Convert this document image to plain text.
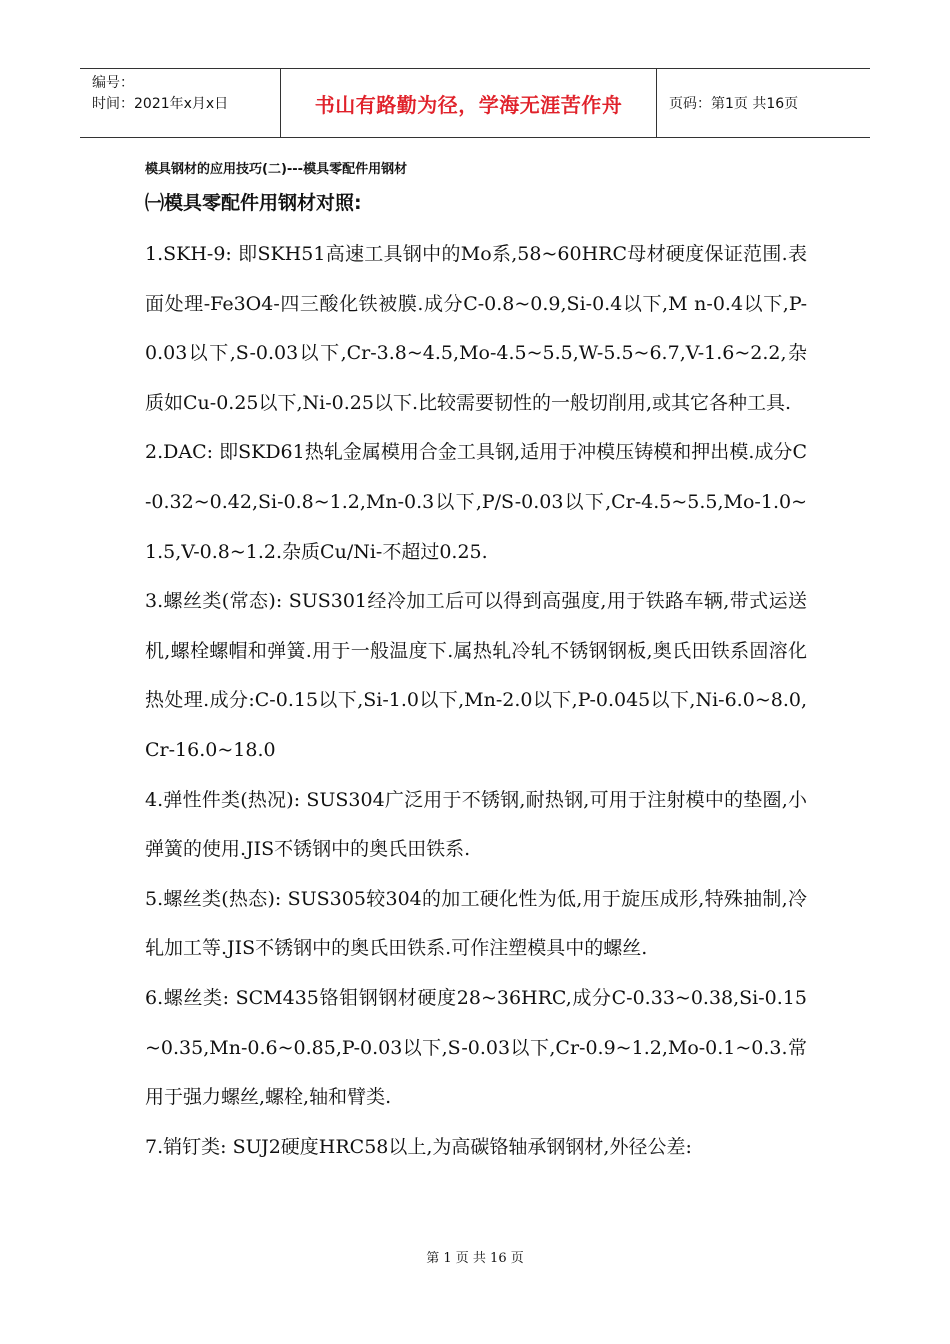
编号：
时间：2021年x月x日	书山有路勤为径，学海无涯苦作舟	页码：第1页 共16页

模具钢材的应用技巧(二)---模具零配件用钢材

㈠模具零配件用钢材对照:

1.SKH-9: 即SKH51高速工具钢中的Mo系,58~60HRC母材硬度保证范围.表面处理-Fe3O4-四三酸化铁被膜.成分C-0.8~0.9,Si-0.4以下,M n-0.4以下,P-0.03以下,S-0.03以下,Cr-3.8~4.5,Mo-4.5~5.5,W-5.5~6.7,V-1.6~2.2,杂质如Cu-0.25以下,Ni-0.25以下.比较需要韧性的一般切削用,或其它各种工具.

2.DAC: 即SKD61热轧金属模用合金工具钢,适用于冲模压铸模和押出模.成分C-0.32~0.42,Si-0.8~1.2,Mn-0.3以下,P/S-0.03以下,Cr-4.5~5.5,Mo-1.0~1.5,V-0.8~1.2.杂质Cu/Ni-不超过0.25.

3.螺丝类(常态): SUS301经冷加工后可以得到高强度,用于铁路车辆,带式运送机,螺栓螺帽和弹簧.用于一般温度下.属热轧冷轧不锈钢钢板,奥氏田铁系固溶化热处理.成分:C-0.15以下,Si-1.0以下,Mn-2.0以下,P-0.045以下,Ni-6.0~8.0,Cr-16.0~18.0

4.弹性件类(热况): SUS304广泛用于不锈钢,耐热钢,可用于注射模中的垫圈,小弹簧的使用.JIS不锈钢中的奥氏田铁系.

5.螺丝类(热态): SUS305较304的加工硬化性为低,用于旋压成形,特殊抽制,冷轧加工等.JIS不锈钢中的奥氏田铁系.可作注塑模具中的螺丝.

6.螺丝类: SCM435铬钼钢钢材硬度28~36HRC,成分C-0.33~0.38,Si-0.15~0.35,Mn-0.6~0.85,P-0.03以下,S-0.03以下,Cr-0.9~1.2,Mo-0.1~0.3.常用于强力螺丝,螺栓,轴和臂类.

7.销钉类: SUJ2硬度HRC58以上,为高碳铬轴承钢钢材,外径公差:

第 1 页 共 16 页
